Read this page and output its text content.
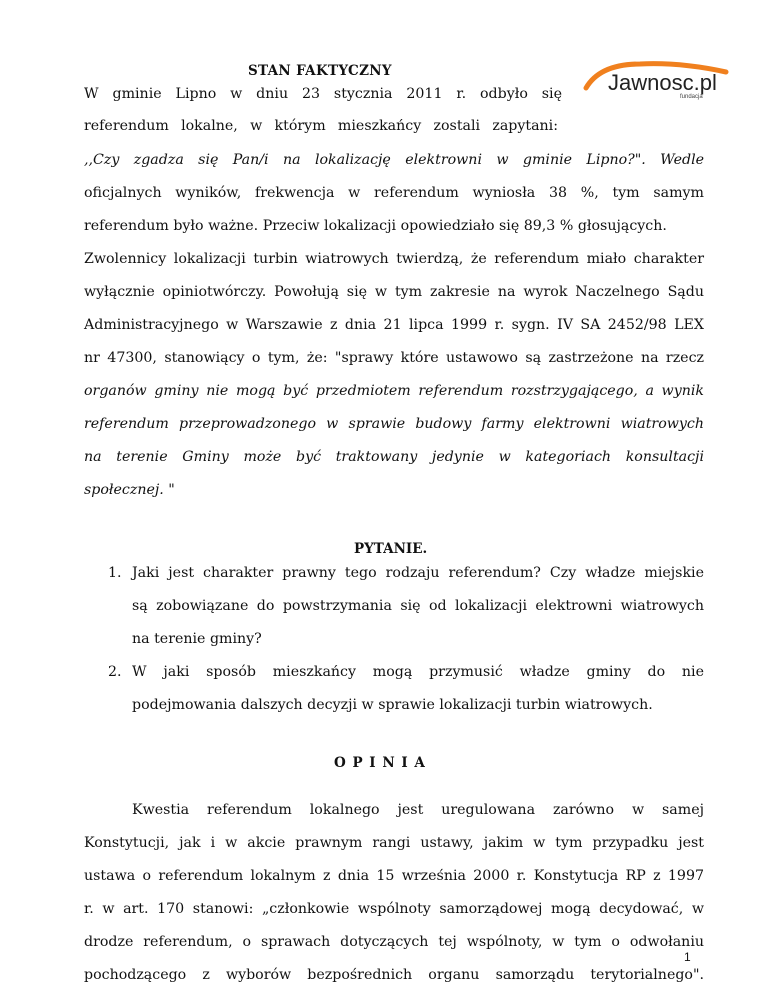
STAN FAKTYCZNY
W gminie Lipno w dniu 23 stycznia 2011 r. odbyło się
referendum lokalne, w którym mieszkańcy zostali zapytani:
,,Czy zgadza się Pan/i na lokalizację elektrowni w gminie Lipno?". Wedle
oficjalnych wyników, frekwencja w referendum wyniosła 38 %, tym samym
referendum było ważne. Przeciw lokalizacji opowiedziało się 89,3 % głosujących.
Zwolennicy lokalizacji turbin wiatrowych twierdzą, że referendum miało charakter
wyłącznie opiniotwórczy. Powołują się w tym zakresie na wyrok Naczelnego Sądu
Administracyjnego w Warszawie z dnia 21 lipca 1999 r. sygn. IV SA 2452/98 LEX
nr 47300, stanowiący o tym, że: "sprawy które ustawowo są zastrzeżone na rzecz
organów gminy nie mogą być przedmiotem referendum rozstrzygającego, a wynik
referendum przeprowadzonego w sprawie budowy farmy elektrowni wiatrowych
na terenie Gminy może być traktowany jedynie w kategoriach konsultacji
społecznej. "
PYTANIE.
1. Jaki jest charakter prawny tego rodzaju referendum? Czy władze miejskie
są zobowiązane do powstrzymania się od lokalizacji elektrowni wiatrowych
na terenie gminy?
2. W jaki sposób mieszkańcy mogą przymusić władze gminy do nie
podejmowania dalszych decyzji w sprawie lokalizacji turbin wiatrowych.
O P I N I A
Kwestia referendum lokalnego jest uregulowana zarówno w samej
Konstytucji, jak i w akcie prawnym rangi ustawy, jakim w tym przypadku jest
ustawa o referendum lokalnym z dnia 15 września 2000 r. Konstytucja RP z 1997
r. w art. 170 stanowi: „członkowie wspólnoty samorządowej mogą decydować, w
drodze referendum, o sprawach dotyczących tej wspólnoty, w tym o odwołaniu
pochodzącego z wyborów bezpośrednich organu samorządu terytorialnego".
Jawnosc.pl
fundacja
1
